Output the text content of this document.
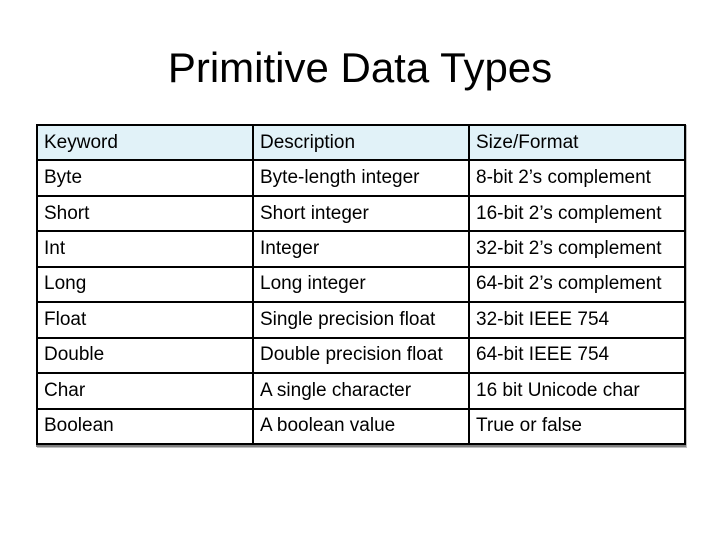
Primitive Data Types
Keyword	Description	Size/Format
Byte	Byte-length integer	8-bit 2’s complement
Short	Short integer	16-bit 2’s complement
Int	Integer	32-bit 2’s complement
Long	Long integer	64-bit 2’s complement
Float	Single precision float	32-bit IEEE 754
Double	Double precision float	64-bit IEEE 754
Char	A single character	16 bit Unicode char
Boolean	A boolean value	True or false
